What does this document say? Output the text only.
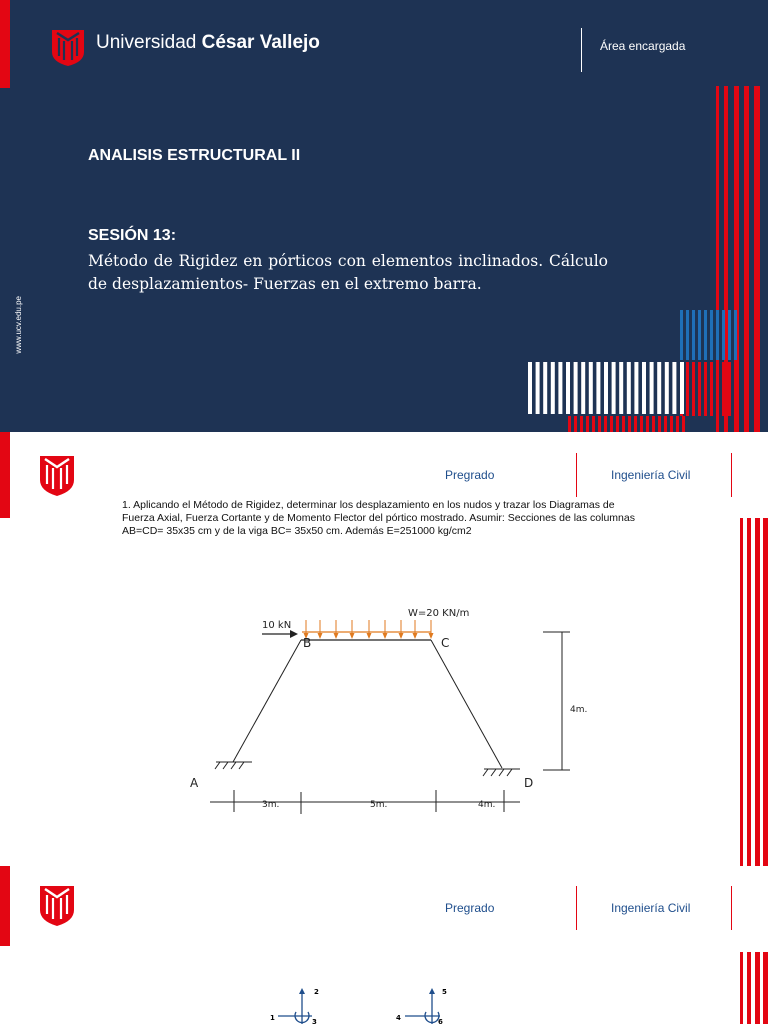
Universidad César Vallejo	Área encargada
ANALISIS ESTRUCTURAL II
SESIÓN 13:
Método de Rigidez en pórticos con elementos inclinados. Cálculo de desplazamientos- Fuerzas en el extremo barra.
www.ucv.edu.pe
Pregrado	Ingeniería Civil
1. Aplicando el Método de Rigidez, determinar los desplazamiento en los nudos y trazar los Diagramas de Fuerza Axial, Fuerza Cortante y de Momento Flector del pórtico mostrado. Asumir: Secciones de las columnas AB=CD= 35x35 cm y de la viga BC= 35x50 cm. Además E=251000 kg/cm2
W=20 KN/m
10 kN
B	C
A	D
4m.
3m.	5m.	4m.
Pregrado	Ingeniería Civil
1
2
3	4
5
6
